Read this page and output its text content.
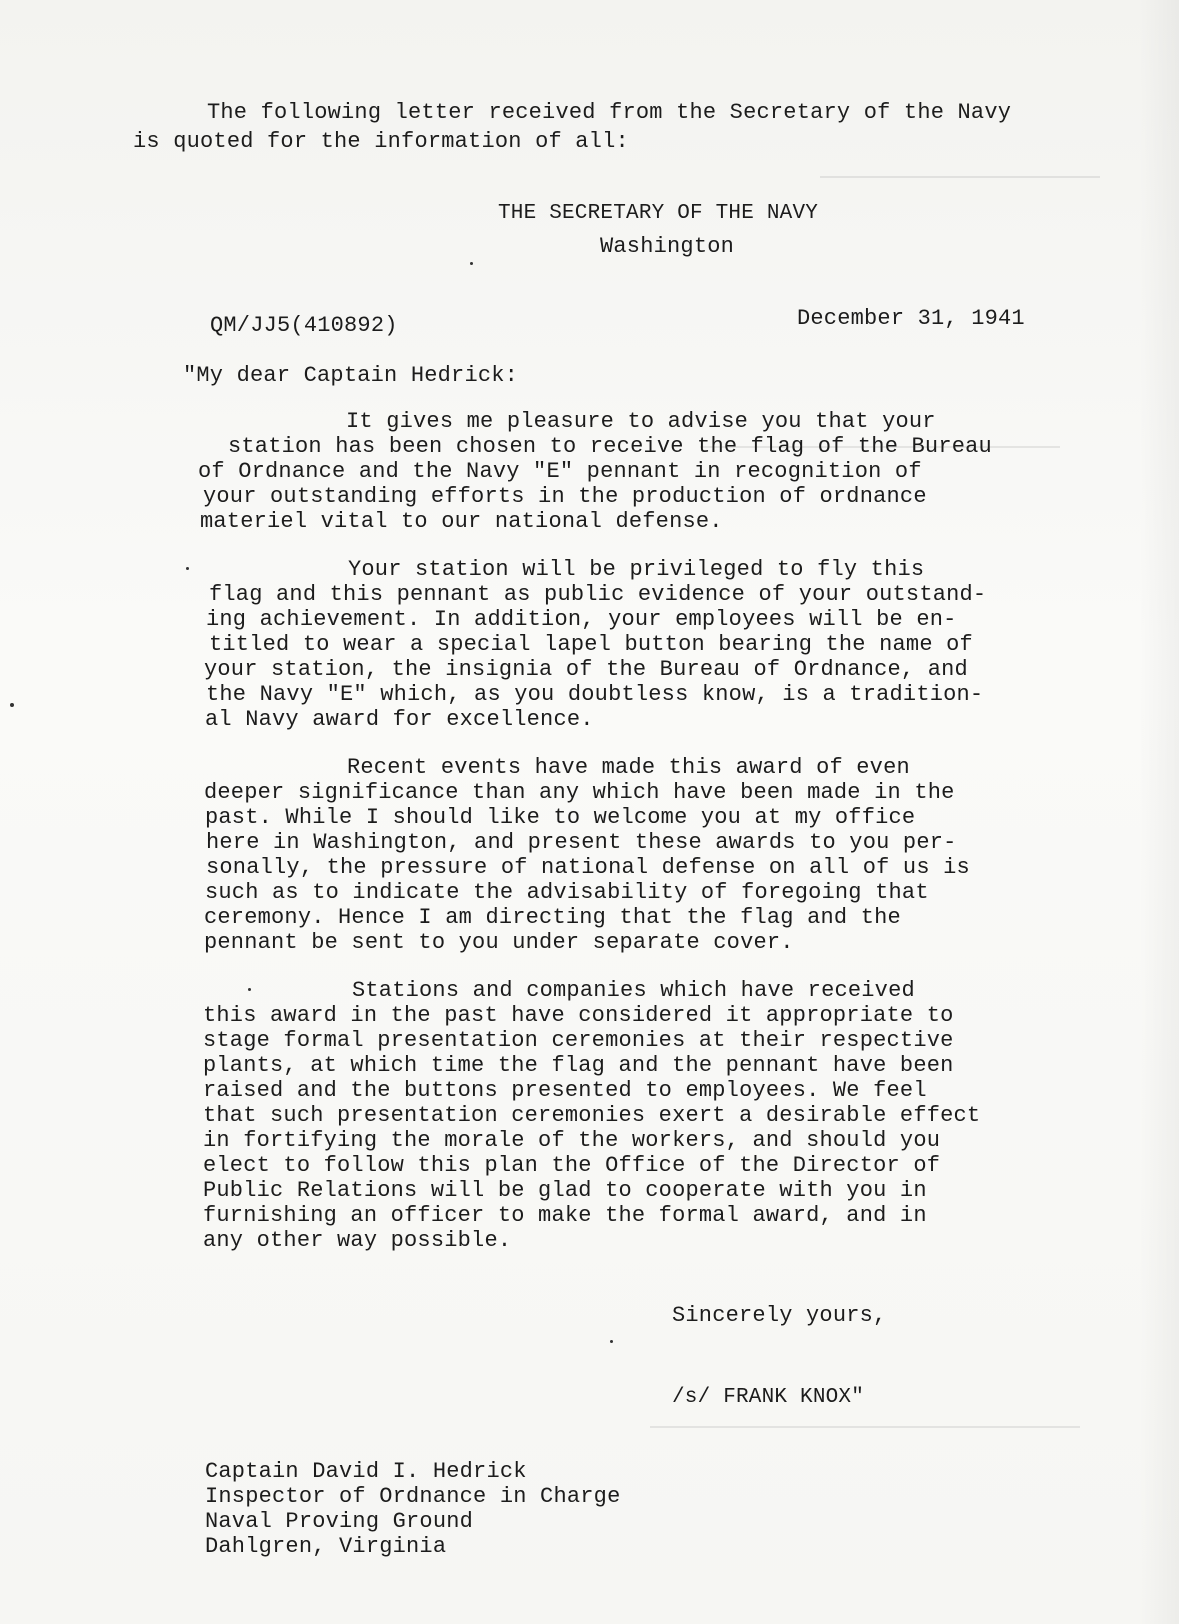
The following letter received from the Secretary of the Navy
is quoted for the information of all:
THE SECRETARY OF THE NAVY
Washington
QM/JJ5(410892)	December 31, 1941
"My dear Captain Hedrick:
It gives me pleasure to advise you that your
station has been chosen to receive the flag of the Bureau
of Ordnance and the Navy "E" pennant in recognition of
your outstanding efforts in the production of ordnance
materiel vital to our national defense.
Your station will be privileged to fly this
flag and this pennant as public evidence of your outstand-
ing achievement. In addition, your employees will be en-
titled to wear a special lapel button bearing the name of
your station, the insignia of the Bureau of Ordnance, and
the Navy "E" which, as you doubtless know, is a tradition-
al Navy award for excellence.
Recent events have made this award of even
deeper significance than any which have been made in the
past. While I should like to welcome you at my office
here in Washington, and present these awards to you per-
sonally, the pressure of national defense on all of us is
such as to indicate the advisability of foregoing that
ceremony. Hence I am directing that the flag and the
pennant be sent to you under separate cover.
Stations and companies which have received
this award in the past have considered it appropriate to
stage formal presentation ceremonies at their respective
plants, at which time the flag and the pennant have been
raised and the buttons presented to employees. We feel
that such presentation ceremonies exert a desirable effect
in fortifying the morale of the workers, and should you
elect to follow this plan the Office of the Director of
Public Relations will be glad to cooperate with you in
furnishing an officer to make the formal award, and in
any other way possible.
Sincerely yours,
/s/ FRANK KNOX"
Captain David I. Hedrick
Inspector of Ordnance in Charge
Naval Proving Ground
Dahlgren, Virginia
